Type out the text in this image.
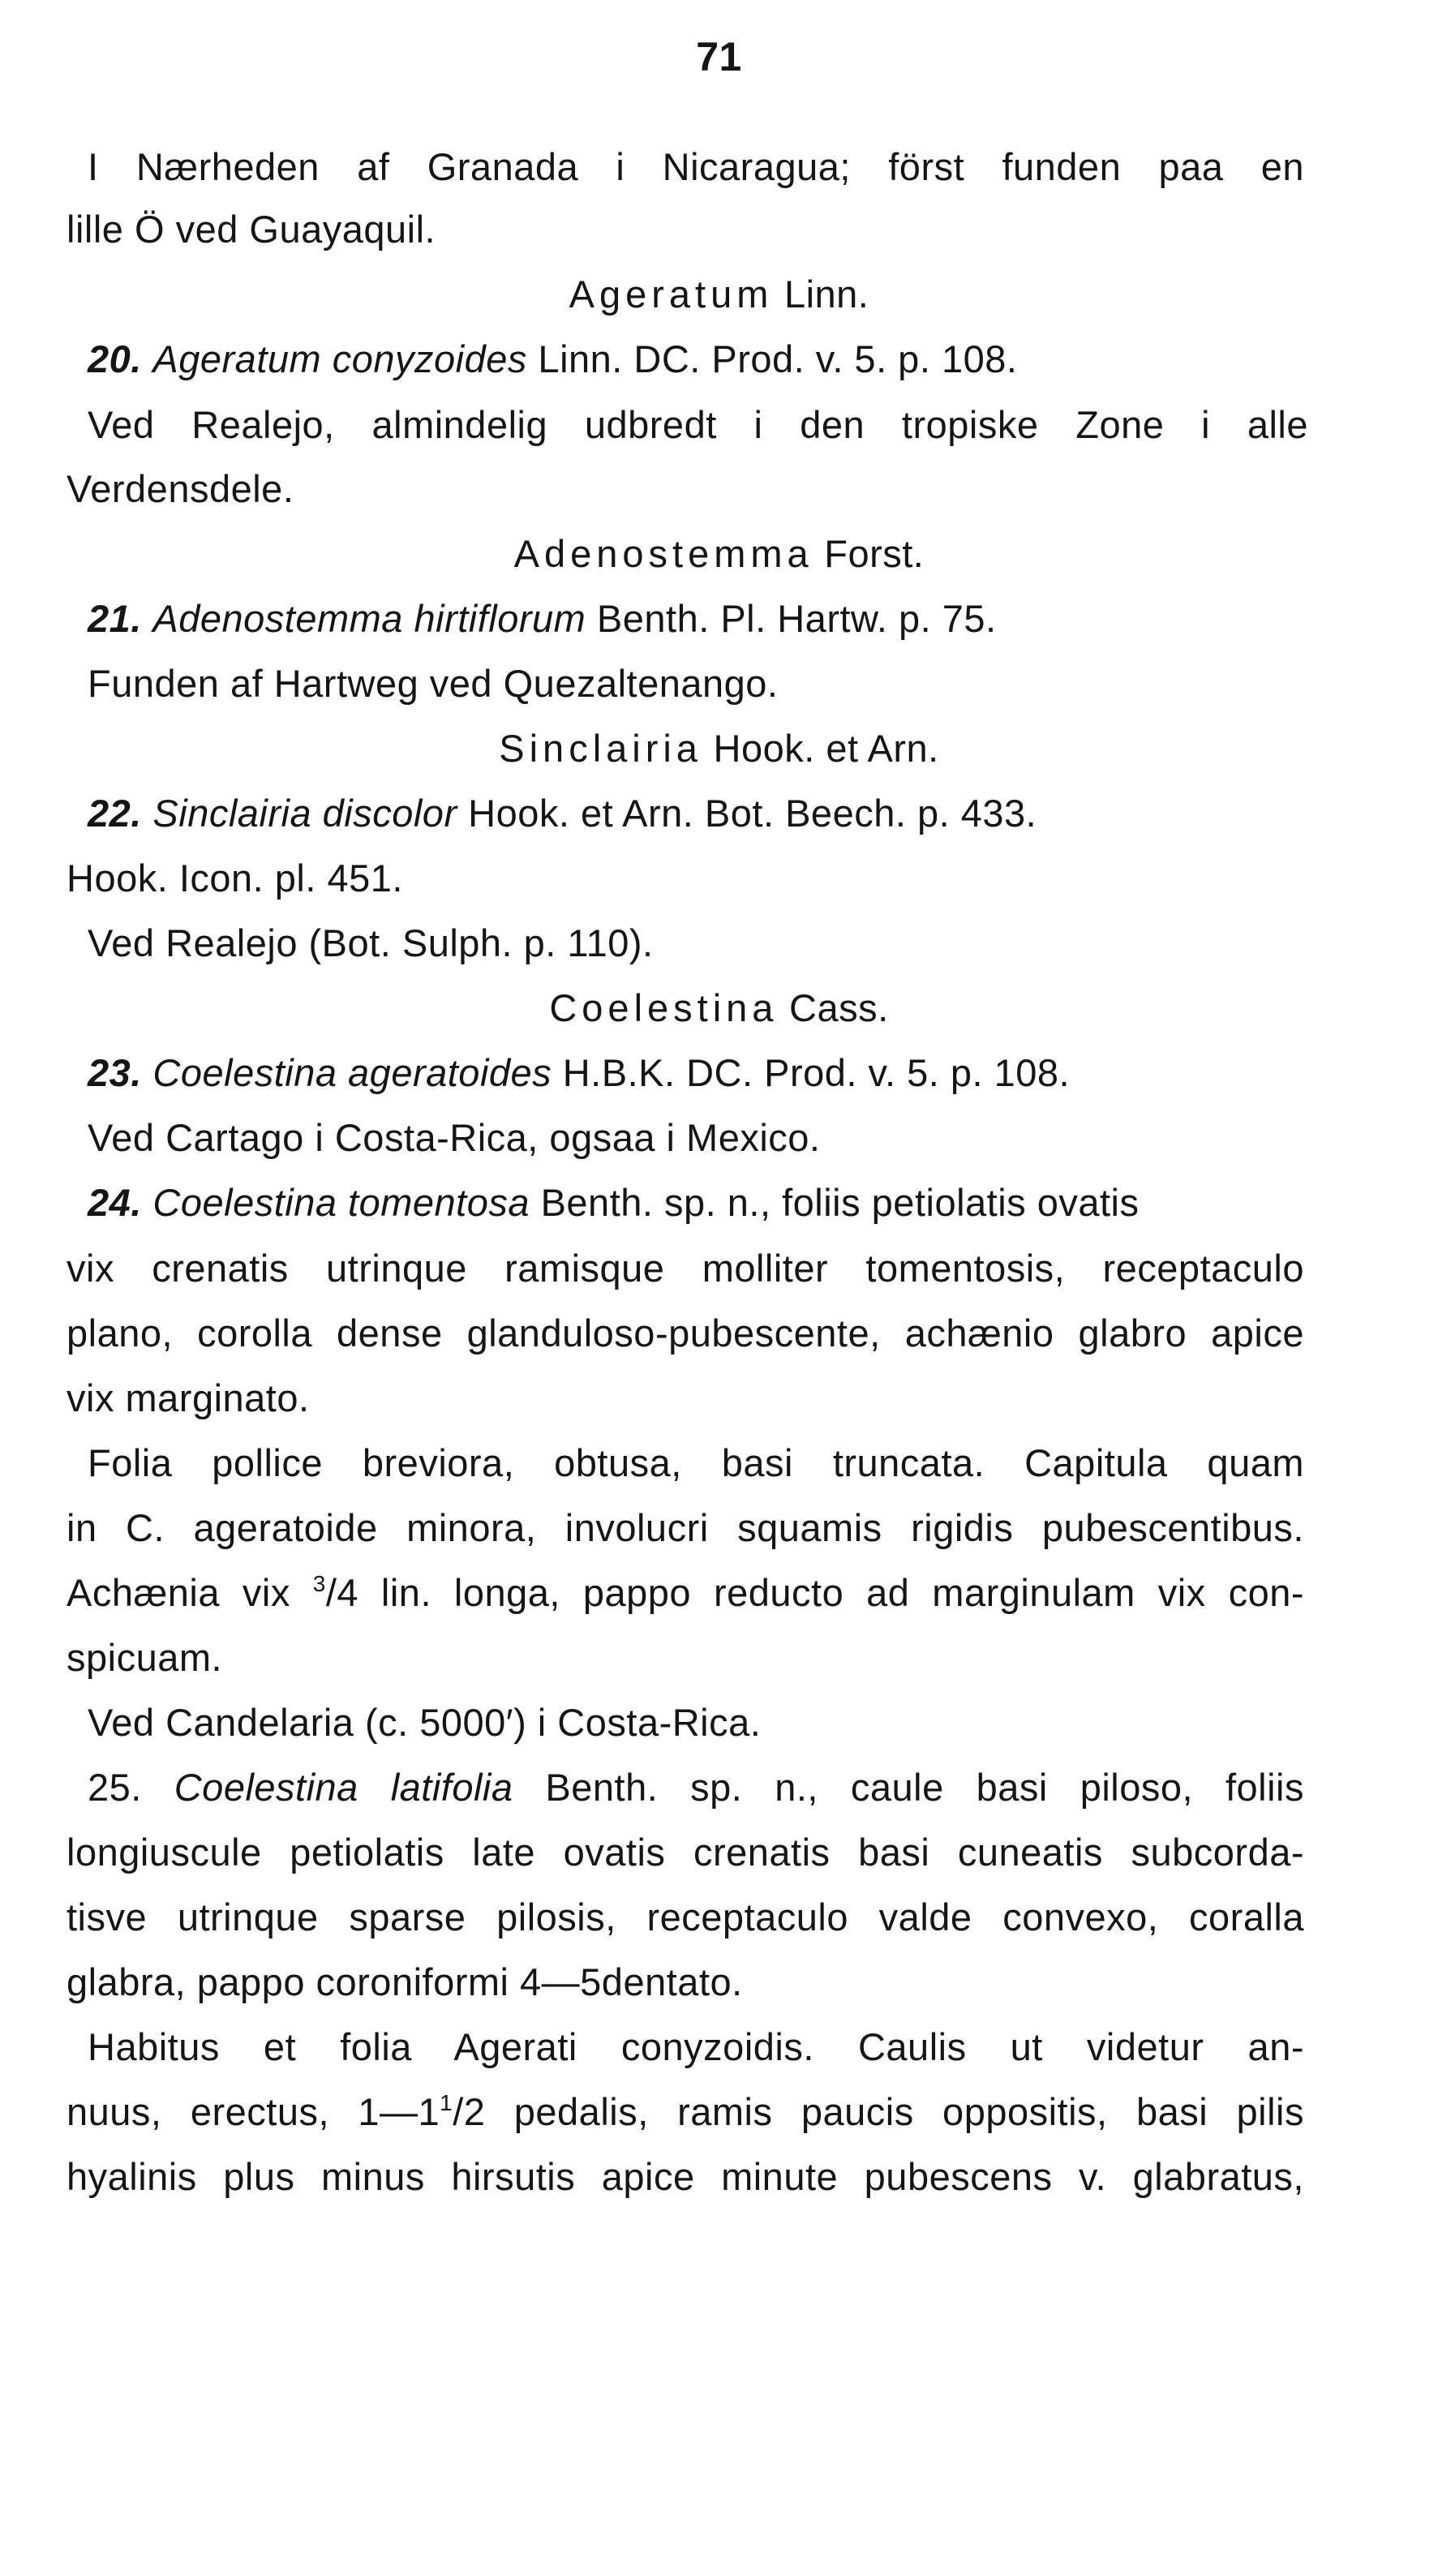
71
I Nærheden af Granada i Nicaragua; först funden paa en
lille Ö ved Guayaquil.
Ageratum Linn.
20. Ageratum conyzoides Linn. DC. Prod. v. 5. p. 108.
Ved Realejo, almindelig udbredt i den tropiske Zone i alle
Verdensdele.
Adenostemma Forst.
21. Adenostemma hirtiflorum Benth. Pl. Hartw. p. 75.
Funden af Hartweg ved Quezaltenango.
Sinclairia Hook. et Arn.
22. Sinclairia discolor Hook. et Arn. Bot. Beech. p. 433.
Hook. Icon. pl. 451.
Ved Realejo (Bot. Sulph. p. 110).
Coelestina Cass.
23. Coelestina ageratoides H.B.K. DC. Prod. v. 5. p. 108.
Ved Cartago i Costa-Rica, ogsaa i Mexico.
24. Coelestina tomentosa Benth. sp. n., foliis petiolatis ovatis
vix crenatis utrinque ramisque molliter tomentosis, receptaculo
plano, corolla dense glanduloso-pubescente, achænio glabro apice
vix marginato.
Folia pollice breviora, obtusa, basi truncata. Capitula quam
in C. ageratoide minora, involucri squamis rigidis pubescentibus.
Achænia vix $^3$/4 lin. longa, pappo reducto ad marginulam vix con-
spicuam.
Ved Candelaria (c. 5000′) i Costa-Rica.
25. Coelestina latifolia Benth. sp. n., caule basi piloso, foliis
longiuscule petiolatis late ovatis crenatis basi cuneatis subcorda-
tisve utrinque sparse pilosis, receptaculo valde convexo, coralla
glabra, pappo coroniformi 4—5dentato.
Habitus et folia Agerati conyzoidis. Caulis ut videtur an-
nuus, erectus, $1—1^1/2$ pedalis, ramis paucis oppositis, basi pilis
hyalinis plus minus hirsutis apice minute pubescens v. glabratus,
